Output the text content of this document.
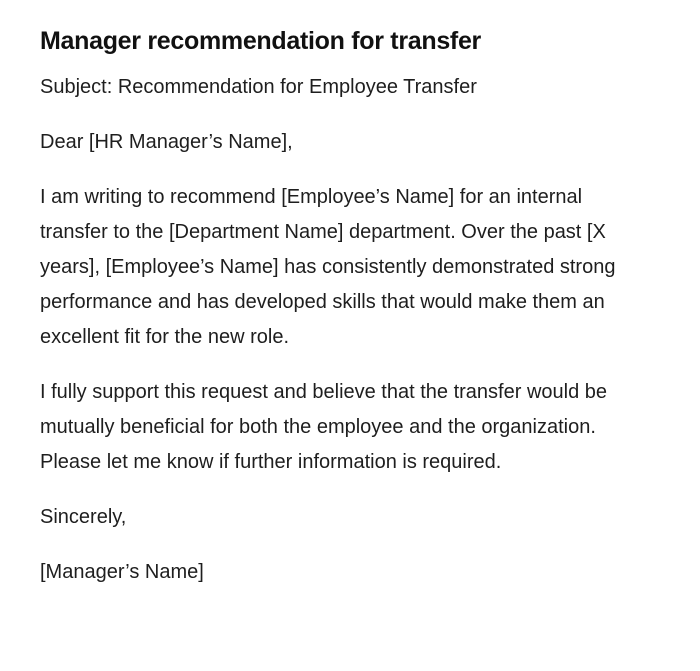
Manager recommendation for transfer

Subject: Recommendation for Employee Transfer

Dear [HR Manager’s Name],

I am writing to recommend [Employee’s Name] for an internal transfer to the [Department Name] department. Over the past [X years], [Employee’s Name] has consistently demonstrated strong performance and has developed skills that would make them an excellent fit for the new role.

I fully support this request and believe that the transfer would be mutually beneficial for both the employee and the organization. Please let me know if further information is required.

Sincerely,

[Manager’s Name]
